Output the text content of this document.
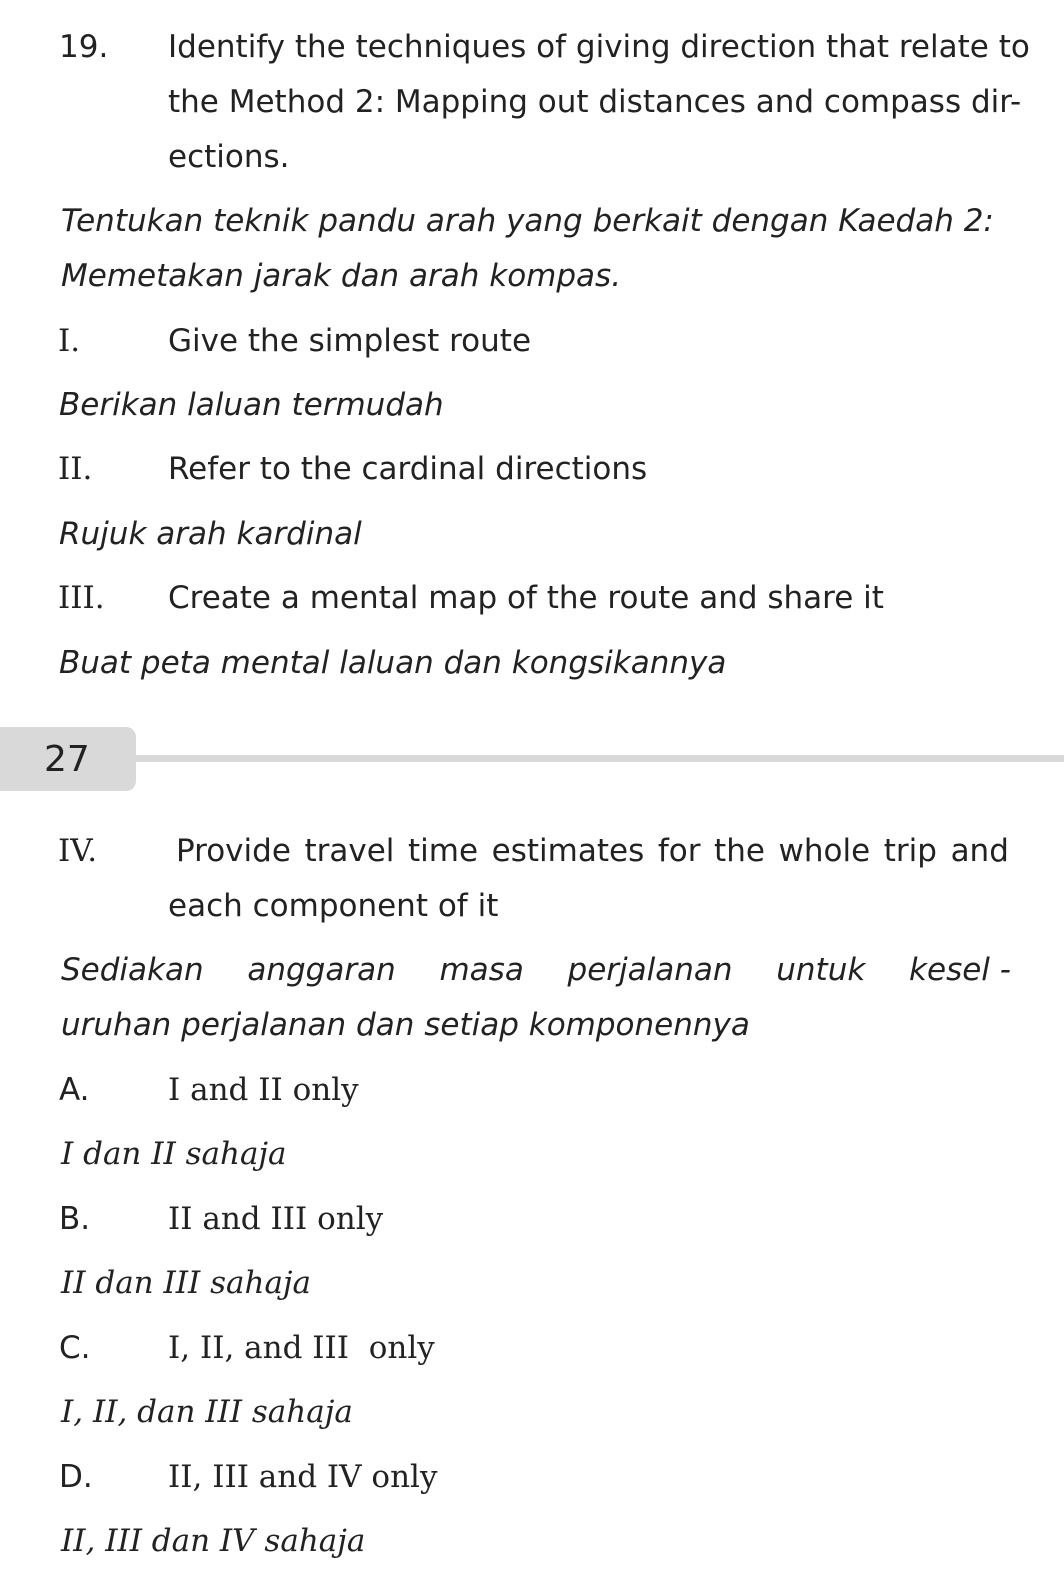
19. Identify the techniques of giving direction that relate to
the Method 2: Mapping out distances and compass dir-
ections.
Tentukan teknik pandu arah yang berkait dengan Kaedah 2:
Memetakan jarak dan arah kompas.
I.	Give the simplest route
Berikan laluan termudah
II. Refer to the cardinal directions
Rujuk arah kardinal
III. Create a mental map of the route and share it
Buat peta mental laluan dan kongsikannya
27
IV.	Provide travel time estimates for the whole trip and
each component of it
Sediakan anggaran masa perjalanan untuk kesel -
uruhan perjalanan dan setiap komponennya
A.	I and II only
I dan II sahaja
B.	II and III only
II dan III sahaja
C.	I, II, and III  only
I, II, dan III sahaja
D. II, III and IV only
II, III dan IV sahaja
